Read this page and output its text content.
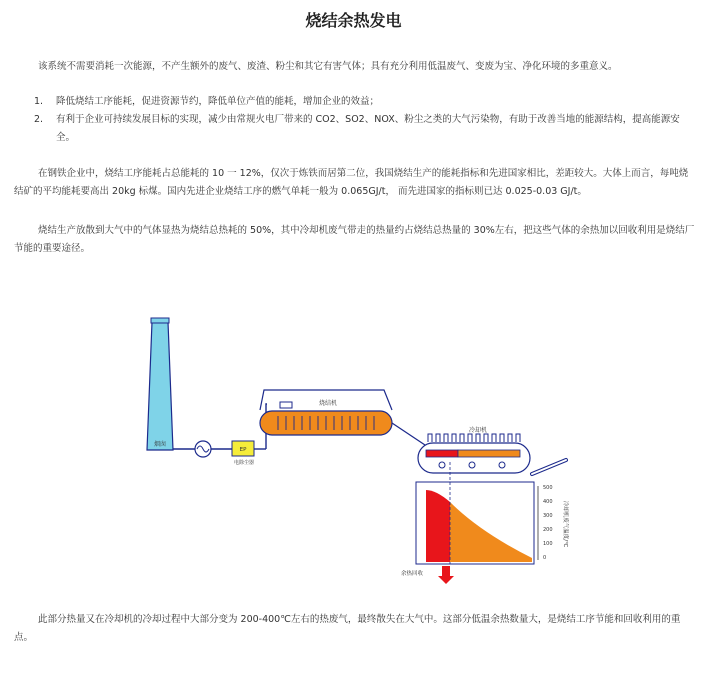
烧结余热发电
该系统不需要消耗一次能源，不产生额外的废气、废渣、粉尘和其它有害气体；具有充分利用低温废气、变废为宝、净化环境的多重意义。
1. 降低烧结工序能耗，促进资源节约，降低单位产值的能耗，增加企业的效益；
2. 有利于企业可持续发展目标的实现，减少由常规火电厂带来的 CO2、SO2、NOX、粉尘之类的大气污染物，有助于改善当地的能源结构，提高能源安全。
在钢铁企业中，烧结工序能耗占总能耗的 10 一 12%，仅次于炼铁而居第二位，我国烧结生产的能耗指标和先进国家相比，差距较大。大体上而言，每吨烧结矿的平均能耗要高出 20kg 标煤。国内先进企业烧结工序的燃气单耗一般为 0.065GJ/t， 而先进国家的指标则已达 0.025-0.03 GJ/t。
烧结生产放散到大气中的气体显热为烧结总热耗的 50%，其中冷却机废气带走的热量约占烧结总热量的 30%左右，把这些气体的余热加以回收利用是烧结厂节能的重要途径。
烟囱
EP
电除尘器
烧结机
冷却机
余热回收
500
400
300
200
100
0
冷却机废气温度/℃
此部分热量又在冷却机的冷却过程中大部分变为 200-400℃左右的热废气，最终散失在大气中。这部分低温余热数量大，是烧结工序节能和回收利用的重点。
